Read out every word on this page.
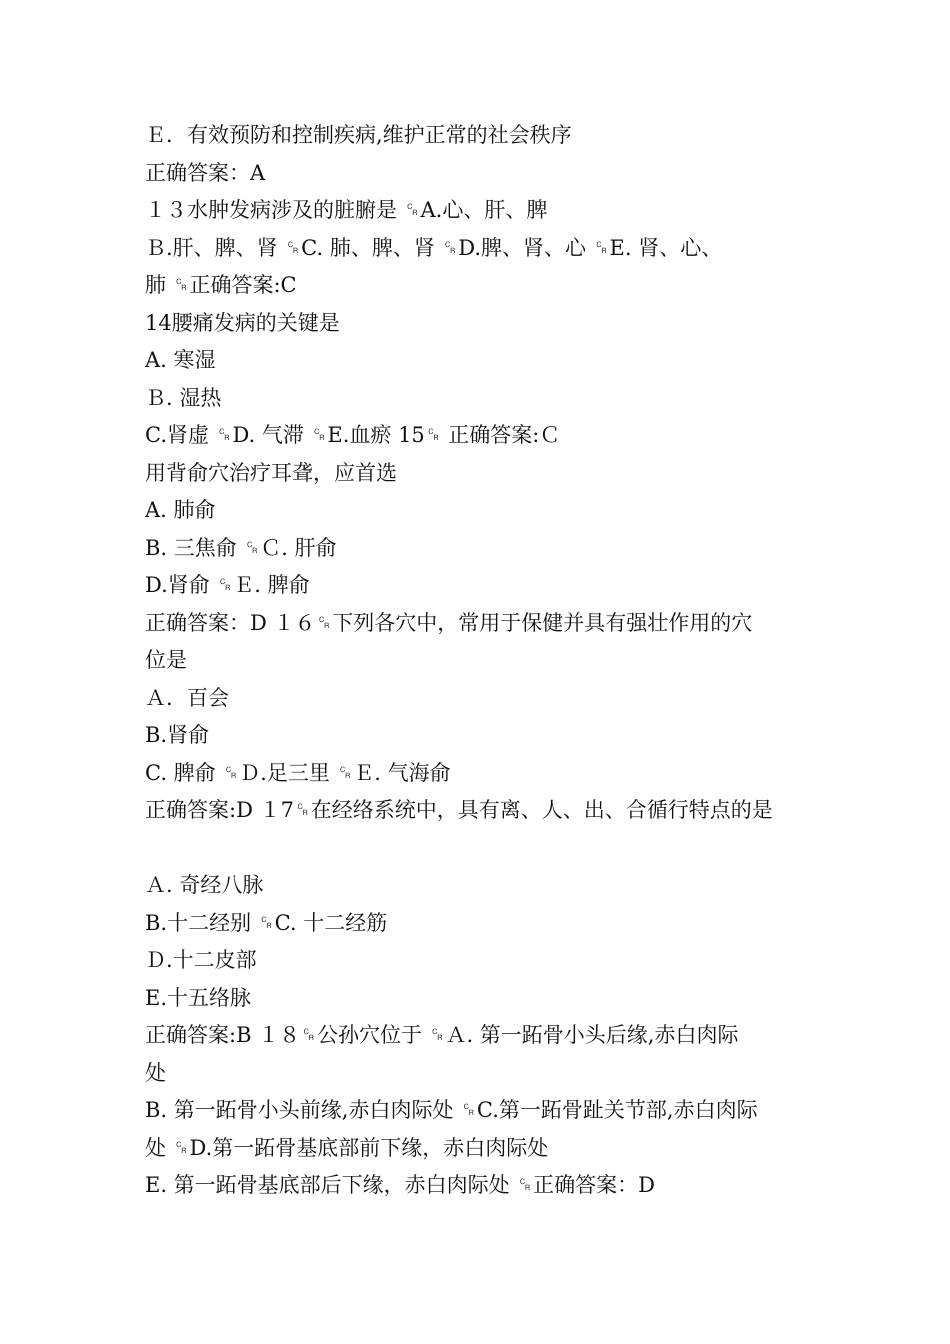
Ｅ．有效预防和控制疾病,维护正常的社会秩序
正确答案：A
１３水肿发病涉及的脏腑是 ␍A.心、肝、脾
Ｂ.肝、脾、肾 ␍C. 肺、脾、肾 ␍D.脾、肾、心 ␍E. 肾、心、
肺 ␍正确答案:C
14腰痛发病的关键是
A. 寒湿
Ｂ. 湿热
C.肾虚 ␍D. 气滞 ␍E.血瘀 15␍ 正确答案:Ｃ
用背俞穴治疗耳聋，应首选
A. 肺俞
B. 三焦俞 ␍Ｃ. 肝俞
D.肾俞 ␍Ｅ. 脾俞
正确答案：D １６␍下列各穴中，常用于保健并具有强壮作用的穴
位是
Ａ．百会
B.肾俞
C. 脾俞 ␍Ｄ.足三里 ␍Ｅ. 气海俞
正确答案:D １7␍在经络系统中，具有离、人、出、合循行特点的是
Ａ. 奇经八脉
B.十二经别 ␍C. 十二经筋
Ｄ.十二皮部
E.十五络脉
正确答案:B １８␍公孙穴位于 ␍Ａ. 第一跖骨小头后缘,赤白肉际
处
B. 第一跖骨小头前缘,赤白肉际处 ␍C.第一跖骨趾关节部,赤白肉际
处 ␍D.第一跖骨基底部前下缘，赤白肉际处
E. 第一跖骨基底部后下缘，赤白肉际处 ␍正确答案：D
